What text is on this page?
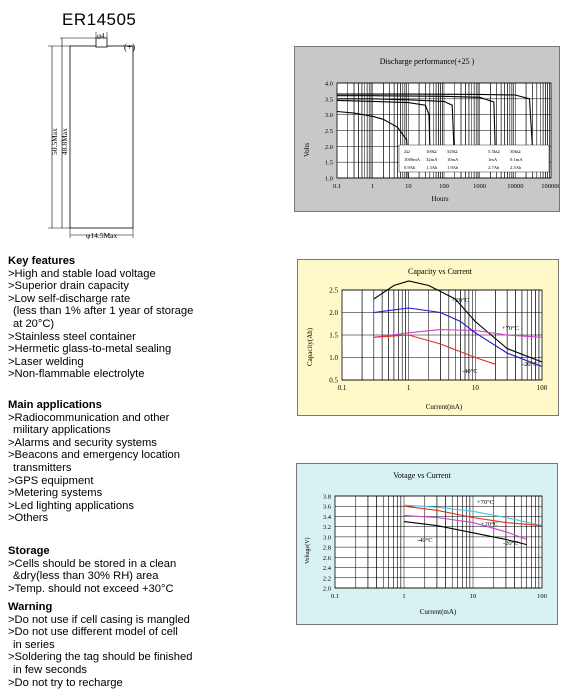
ER14505
φ4
(+)
50.5Max 48.8Max
φ14.5Max
Key features
>High and stable load voltage
>Superior drain capacity
>Low self-discharge rate
(less than 1% after 1 year of storage
at 20°C)
>Stainless steel container
>Hermetic glass-to-metal sealing
>Laser welding
>Non-flammable electrolyte
Main applications
>Radiocommunication and other
military applications
>Alarms and security systems
>Beacons and emergency location
transmitters
>GPS equipment
>Metering systems
>Led lighting applications
>Others
Storage
>Cells should be stored in a clean
&dry(less than 30% RH) area
>Temp. should not exceed +30°C
Warning
>Do not use if cell casing is mangled
>Do not use different model of cell
in series
>Soldering the tag should be finished
in few seconds
>Do not try to recharge
Discharge performance(+25 )
Volts
Hours
1.0
1.5
2.0
2.5
3.0
3.5
4.0
0.1	1	10	100	1000	10000	100000
2Ω	100Ω 320Ω	5.5kΩ 30kΩ
1000mA 32mA 10mA	1mA	0.1mA
0.9Ah 1.3Ah 1.9Ah	2.7Ah 2.5Ah
Capacity vs Current
Capacity(Ah)
Current(mA)
0.5
1.0
1.5
2.0
2.5
0.1	1	10	100
+20°C
+70°C
-20°C
-40°C
Votage vs Current
Voltage(V)
Current(mA)
2.0
2.2
2.4
2.6
2.8
3.0
3.2
3.4
3.6
3.8
0.1	1	10	100
+70°C
+20°C
-20°C
-40°C
